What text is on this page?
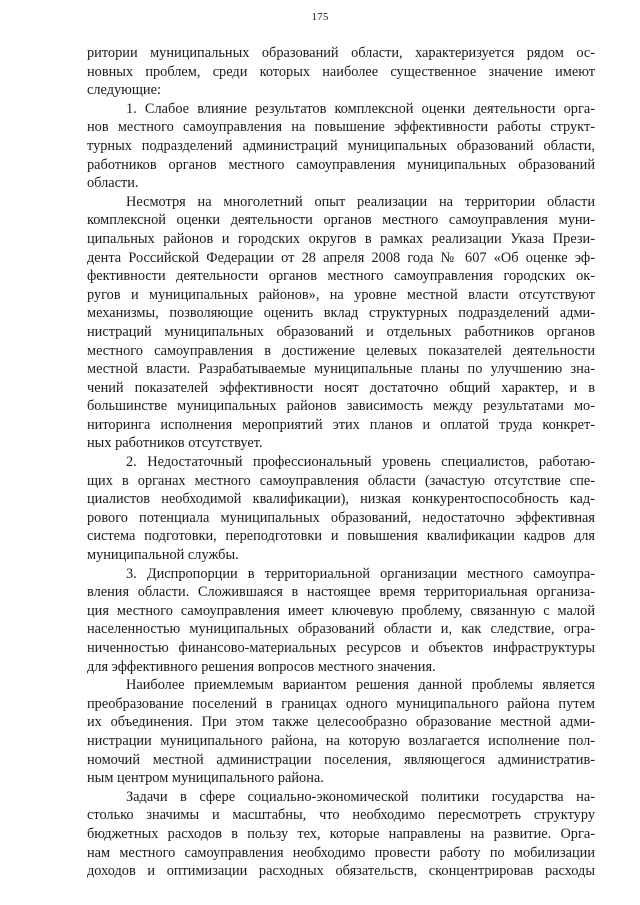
175
ритории муниципальных образований области, характеризуется рядом ос-
новных проблем, среди которых наиболее существенное значение имеют
следующие:
1. Слабое влияние результатов комплексной оценки деятельности орга-
нов местного самоуправления на повышение эффективности работы структ-
турных подразделений администраций муниципальных образований области,
работников органов местного самоуправления муниципальных образований
области.
Несмотря на многолетний опыт реализации на территории области
комплексной оценки деятельности органов местного самоуправления муни-
ципальных районов и городских округов в рамках реализации Указа Прези-
дента Российской Федерации от 28 апреля 2008 года № 607 «Об оценке эф-
фективности деятельности органов местного самоуправления городских ок-
ругов и муниципальных районов», на уровне местной власти отсутствуют
механизмы, позволяющие оценить вклад структурных подразделений адми-
нистраций муниципальных образований и отдельных работников органов
местного самоуправления в достижение целевых показателей деятельности
местной власти. Разрабатываемые муниципальные планы по улучшению зна-
чений показателей эффективности носят достаточно общий характер, и в
большинстве муниципальных районов зависимость между результатами мо-
ниторинга исполнения мероприятий этих планов и оплатой труда конкрет-
ных работников отсутствует.
2. Недостаточный профессиональный уровень специалистов, работаю-
щих в органах местного самоуправления области (зачастую отсутствие спе-
циалистов необходимой квалификации), низкая конкурентоспособность кад-
рового потенциала муниципальных образований, недостаточно эффективная
система подготовки, переподготовки и повышения квалификации кадров для
муниципальной службы.
3. Диспропорции в территориальной организации местного самоупра-
вления области. Сложившаяся в настоящее время территориальная организа-
ция местного самоуправления имеет ключевую проблему, связанную с малой
населенностью муниципальных образований области и, как следствие, огра-
ниченностью финансово-материальных ресурсов и объектов инфраструктуры
для эффективного решения вопросов местного значения.
Наиболее приемлемым вариантом решения данной проблемы является
преобразование поселений в границах одного муниципального района путем
их объединения. При этом также целесообразно образование местной адми-
нистрации муниципального района, на которую возлагается исполнение пол-
номочий местной администрации поселения, являющегося административ-
ным центром муниципального района.
Задачи в сфере социально-экономической политики государства на-
столько значимы и масштабны, что необходимо пересмотреть структуру
бюджетных расходов в пользу тех, которые направлены на развитие. Орга-
нам местного самоуправления необходимо провести работу по мобилизации
доходов и оптимизации расходных обязательств, сконцентрировав расходы
